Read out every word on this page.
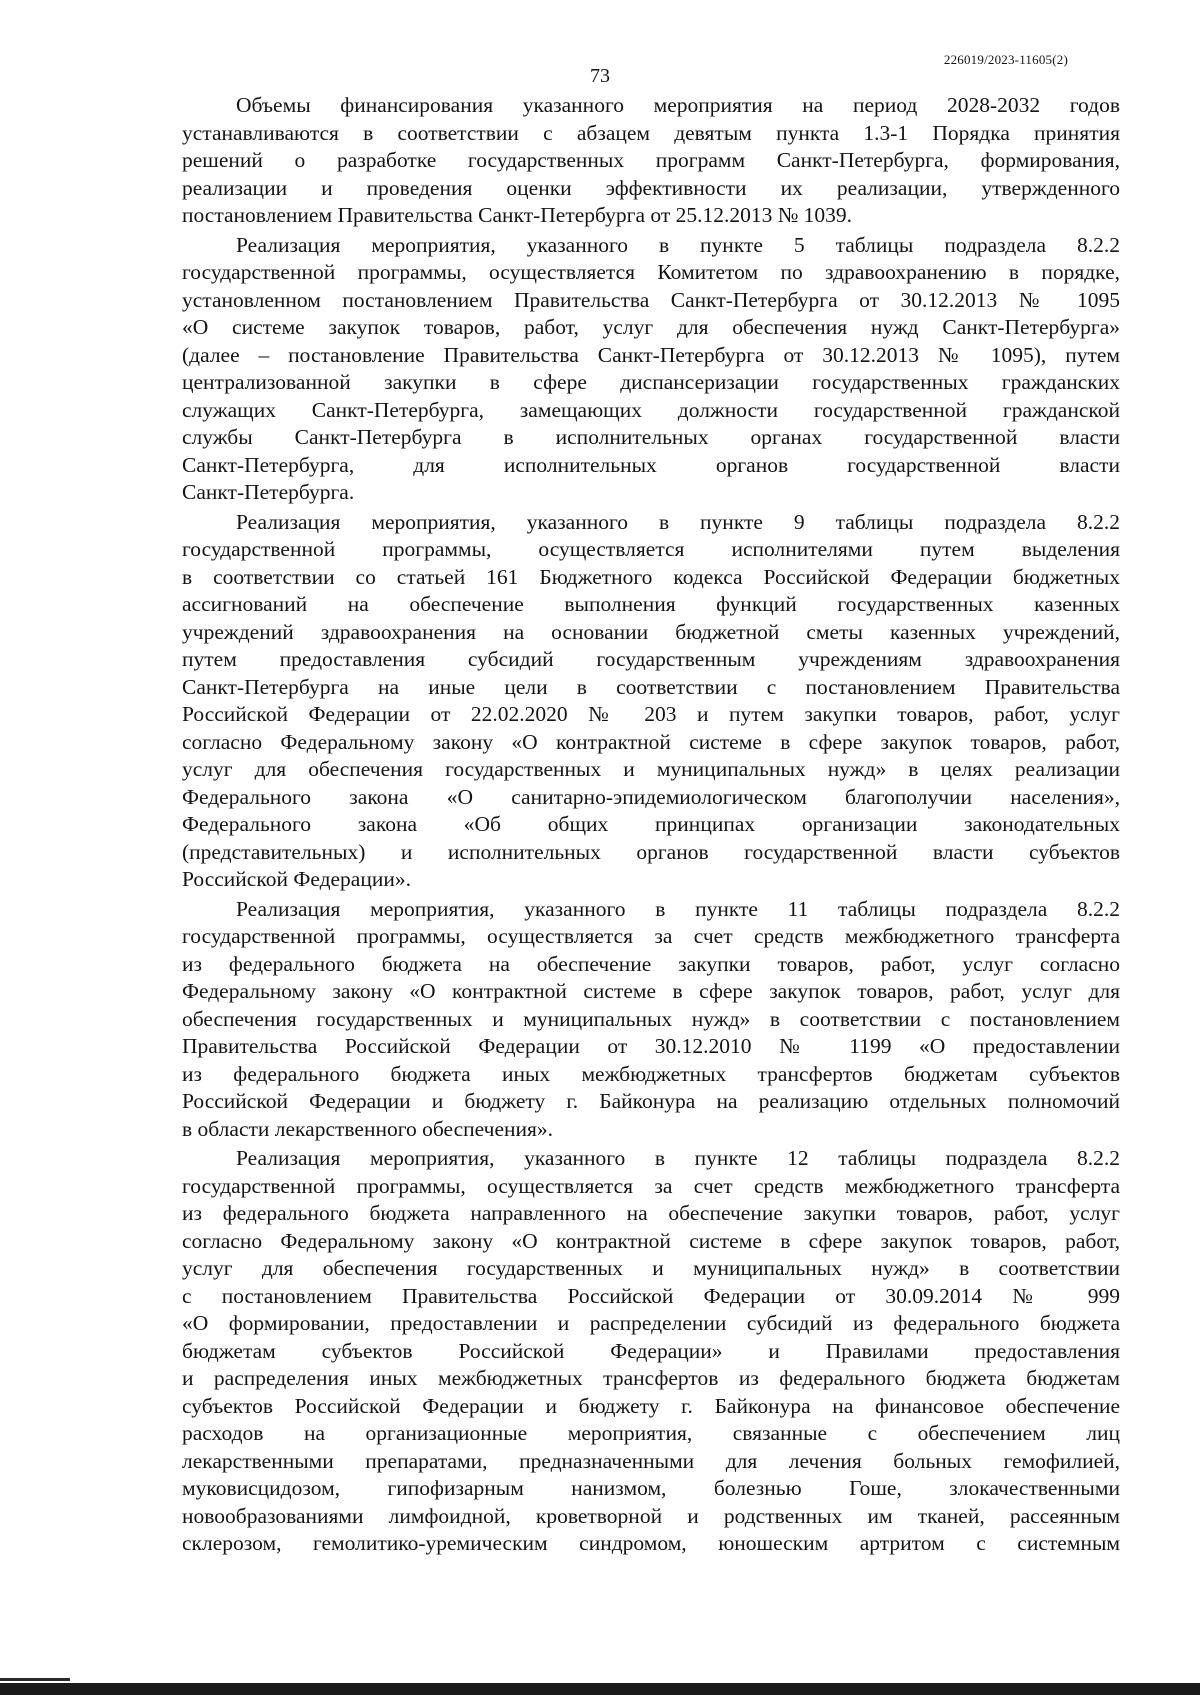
226019/2023-11605(2)
73
Объемы финансирования указанного мероприятия на период 2028-2032 годов
устанавливаются в соответствии с абзацем девятым пункта 1.3-1 Порядка принятия
решений о разработке государственных программ Санкт-Петербурга, формирования,
реализации и проведения оценки эффективности их реализации, утвержденного
постановлением Правительства Санкт-Петербурга от 25.12.2013 № 1039.
Реализация мероприятия, указанного в пункте 5 таблицы подраздела 8.2.2
государственной программы, осуществляется Комитетом по здравоохранению в порядке,
установленном постановлением Правительства Санкт-Петербурга от 30.12.2013 № 1095
«О системе закупок товаров, работ, услуг для обеспечения нужд Санкт-Петербурга»
(далее – постановление Правительства Санкт-Петербурга от 30.12.2013 № 1095), путем
централизованной закупки в сфере диспансеризации государственных гражданских
служащих Санкт-Петербурга, замещающих должности государственной гражданской
службы Санкт-Петербурга в исполнительных органах государственной власти
Санкт-Петербурга, для исполнительных органов государственной власти
Санкт-Петербурга.
Реализация мероприятия, указанного в пункте 9 таблицы подраздела 8.2.2
государственной программы, осуществляется исполнителями путем выделения
в соответствии со статьей 161 Бюджетного кодекса Российской Федерации бюджетных
ассигнований на обеспечение выполнения функций государственных казенных
учреждений здравоохранения на основании бюджетной сметы казенных учреждений,
путем предоставления субсидий государственным учреждениям здравоохранения
Санкт-Петербурга на иные цели в соответствии с постановлением Правительства
Российской Федерации от 22.02.2020 № 203 и путем закупки товаров, работ, услуг
согласно Федеральному закону «О контрактной системе в сфере закупок товаров, работ,
услуг для обеспечения государственных и муниципальных нужд» в целях реализации
Федерального закона «О санитарно-эпидемиологическом благополучии населения»,
Федерального закона «Об общих принципах организации законодательных
(представительных) и исполнительных органов государственной власти субъектов
Российской Федерации».
Реализация мероприятия, указанного в пункте 11 таблицы подраздела 8.2.2
государственной программы, осуществляется за счет средств межбюджетного трансферта
из федерального бюджета на обеспечение закупки товаров, работ, услуг согласно
Федеральному закону «О контрактной системе в сфере закупок товаров, работ, услуг для
обеспечения государственных и муниципальных нужд» в соответствии с постановлением
Правительства Российской Федерации от 30.12.2010 № 1199 «О предоставлении
из федерального бюджета иных межбюджетных трансфертов бюджетам субъектов
Российской Федерации и бюджету г. Байконура на реализацию отдельных полномочий
в области лекарственного обеспечения».
Реализация мероприятия, указанного в пункте 12 таблицы подраздела 8.2.2
государственной программы, осуществляется за счет средств межбюджетного трансферта
из федерального бюджета направленного на обеспечение закупки товаров, работ, услуг
согласно Федеральному закону «О контрактной системе в сфере закупок товаров, работ,
услуг для обеспечения государственных и муниципальных нужд» в соответствии
с постановлением Правительства Российской Федерации от 30.09.2014 № 999
«О формировании, предоставлении и распределении субсидий из федерального бюджета
бюджетам субъектов Российской Федерации» и Правилами предоставления
и распределения иных межбюджетных трансфертов из федерального бюджета бюджетам
субъектов Российской Федерации и бюджету г. Байконура на финансовое обеспечение
расходов на организационные мероприятия, связанные с обеспечением лиц
лекарственными препаратами, предназначенными для лечения больных гемофилией,
муковисцидозом, гипофизарным нанизмом, болезнью Гоше, злокачественными
новообразованиями лимфоидной, кроветворной и родственных им тканей, рассеянным
склерозом, гемолитико-уремическим синдромом, юношеским артритом с системным
